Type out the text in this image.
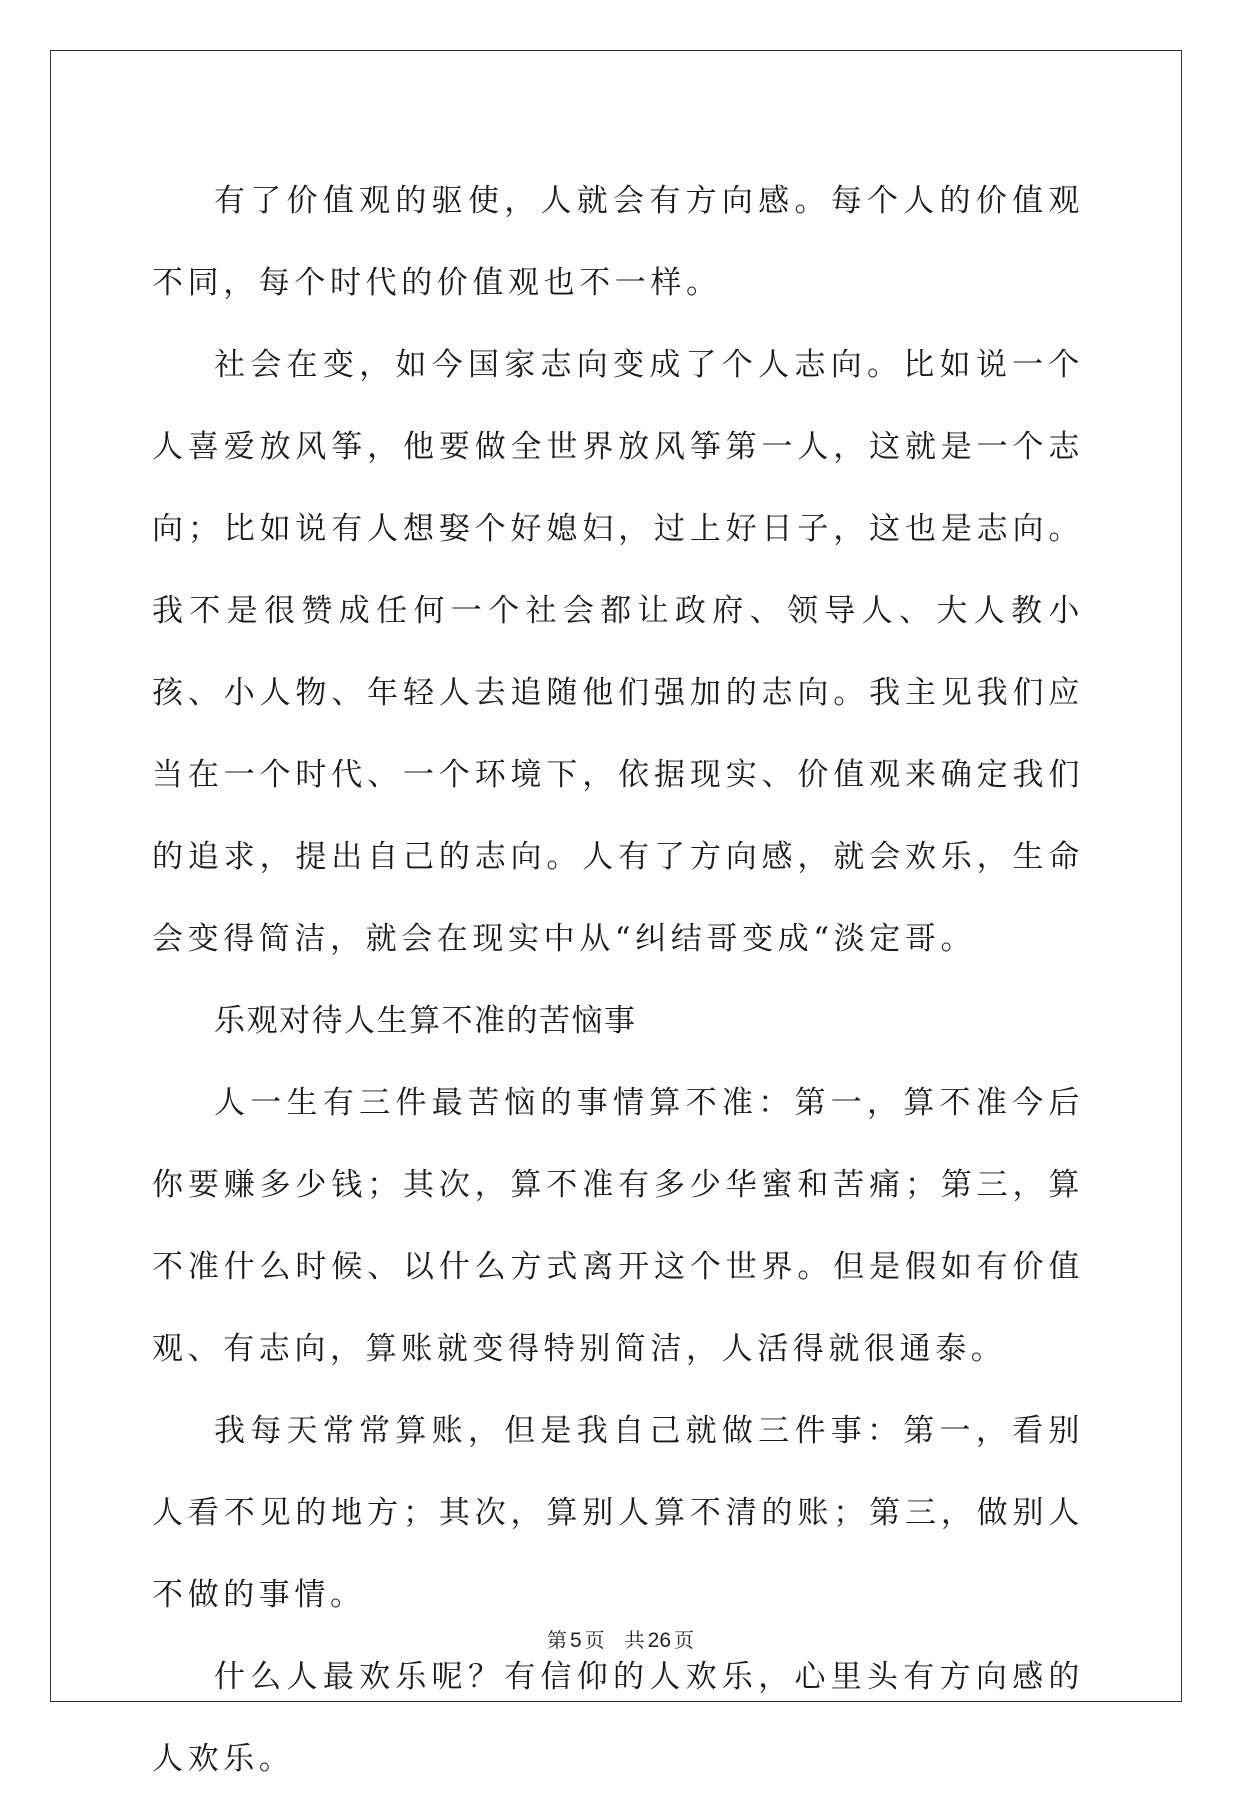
有了价值观的驱使，人就会有方向感。每个人的价值观不同，每个时代的价值观也不一样。

社会在变，如今国家志向变成了个人志向。比如说一个人喜爱放风筝，他要做全世界放风筝第一人，这就是一个志向；比如说有人想娶个好媳妇，过上好日子，这也是志向。我不是很赞成任何一个社会都让政府、领导人、大人教小孩、小人物、年轻人去追随他们强加的志向。我主见我们应当在一个时代、一个环境下，依据现实、价值观来确定我们的追求，提出自己的志向。人有了方向感，就会欢乐，生命会变得简洁，就会在现实中从“纠结哥变成“淡定哥。

乐观对待人生算不准的苦恼事

人一生有三件最苦恼的事情算不准：第一，算不准今后你要赚多少钱；其次，算不准有多少华蜜和苦痛；第三，算不准什么时候、以什么方式离开这个世界。但是假如有价值观、有志向，算账就变得特别简洁，人活得就很通泰。

我每天常常算账，但是我自己就做三件事：第一，看别人看不见的地方；其次，算别人算不清的账；第三，做别人不做的事情。

什么人最欢乐呢？有信仰的人欢乐，心里头有方向感的人欢乐。

第 5 页 共 26 页
